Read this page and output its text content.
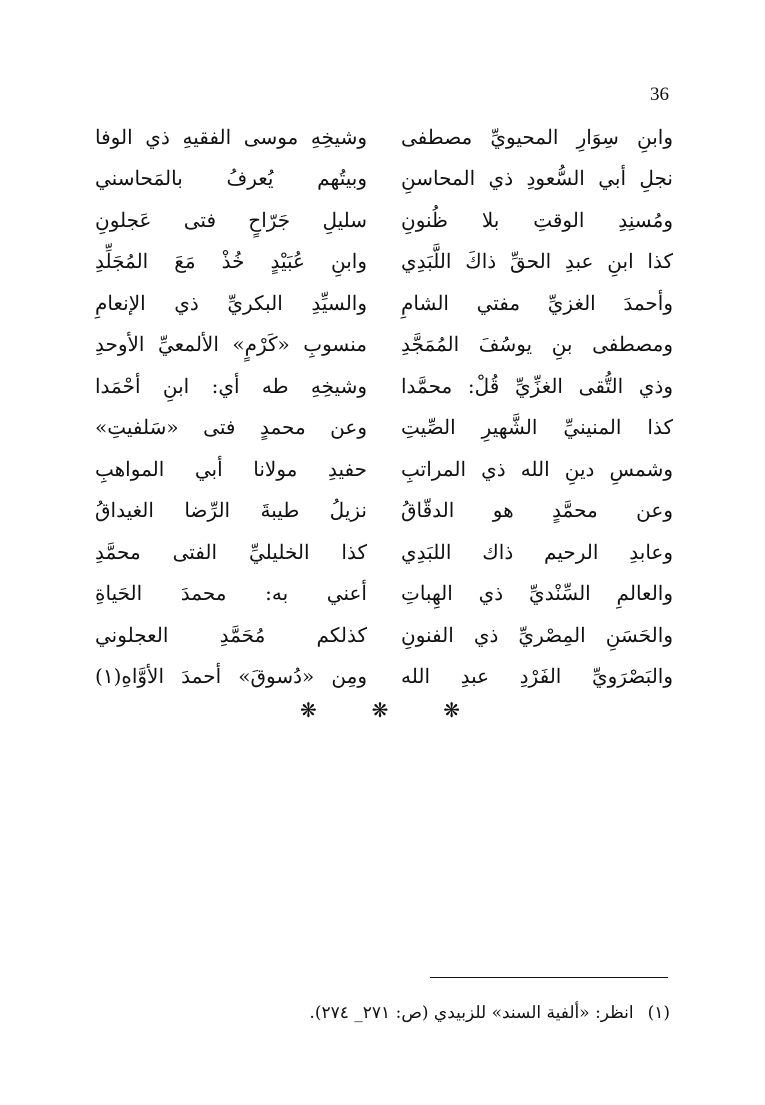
36
وابنِ سِوَارِ المحيويِّ مصطفى
وشيخِهِ موسى الفقيهِ ذي الوفا
نجلِ أبي السُّعودِ ذي المحاسنِ
وبيتُهم يُعرفُ بالمَحاسني
ومُسنِدِ الوقتِ بلا ظُنونِ
سليلِ جَرّاحٍ فتى عَجلونِ
كذا ابنِ عبدِ الحقِّ ذاكَ اللَّبَدِي
وابنِ عُبَيْدٍ خُذْ مَعَ المُجَلِّدِ
وأحمدَ الغزيِّ مفتي الشامِ
والسيِّدِ البكريِّ ذي الإنعامِ
ومصطفى بنِ يوسُفَ المُمَجَّدِ
منسوبِ «كَرْمٍ» الألمعيِّ الأوحدِ
وذي التُّقى الغزِّيِّ قُلْ: محمَّدا
وشيخِهِ طه أي: ابنِ أحْمَدا
كذا المنينيِّ الشَّهيرِ الصِّيتِ
وعن محمدٍ فتى «سَلفيتِ»
وشمسِ دينِ الله ذي المراتبِ
حفيدِ مولانا أبي المواهبِ
وعن محمَّدٍ هو الدقّاقُ
نزيلُ طيبةَ الرِّضا الغيداقُ
وعابدِ الرحيم ذاك اللبَدِي
كذا الخليليِّ الفتى محمَّدِ
والعالمِ السِّنْديِّ ذي الهِباتِ
أعني به: محمدَ الحَياةِ
والحَسَنِ المِصْريِّ ذي الفنونِ
كذلكم مُحَمَّدِ العجلوني
والبَصْرَويِّ الفَرْدِ عبدِ الله
ومِن «دُسوقَ» أحمدَ الأوَّاهِ(١)
❋	❋	❋
(١)انظر: «ألفية السند» للزبيدي (ص: ٢٧١_ ٢٧٤).
